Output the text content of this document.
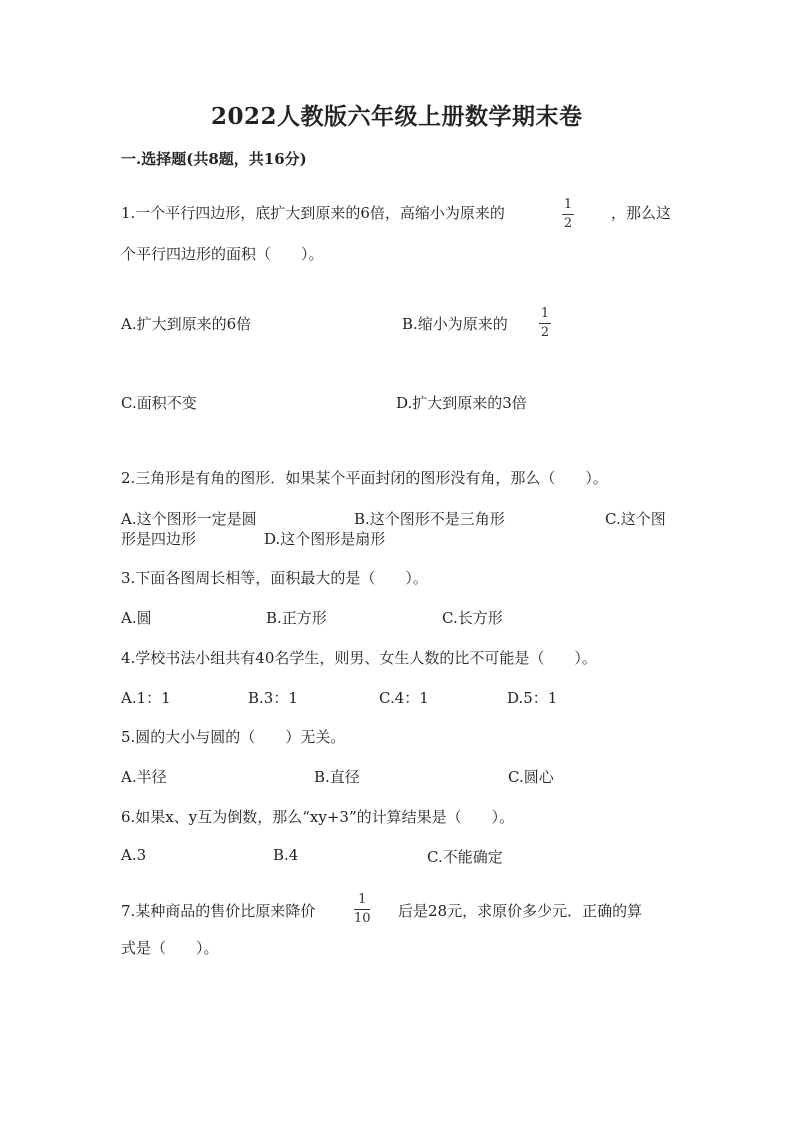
2022人教版六年级上册数学期末卷
一.选择题(共8题，共16分)
1.一个平行四边形，底扩大到原来的6倍，高缩小为原来的	1
2
，那么这
个平行四边形的面积（　　）。
A.扩大到原来的6倍	B.缩小为原来的
1
2
C.面积不变	D.扩大到原来的3倍
2.三角形是有角的图形．如果某个平面封闭的图形没有角，那么（　　）。
A.这个图形一定是圆	B.这个图形不是三角形	C.这个图
形是四边形	D.这个图形是扇形
3.下面各图周长相等，面积最大的是（　　）。
A.圆	B.正方形	C.长方形
4.学校书法小组共有40名学生，则男、女生人数的比不可能是（　　）。
A.1：1	B.3：1	C.4：1	D.5：1
5.圆的大小与圆的（　　）无关。
A.半径	B.直径	C.圆心
6.如果x、y互为倒数，那么“xy+3”的计算结果是（　　）。
A.3	B.4	C.不能确定
7.某种商品的售价比原来降价
1
10 后是28元，求原价多少元．正确的算
式是（　　）。
